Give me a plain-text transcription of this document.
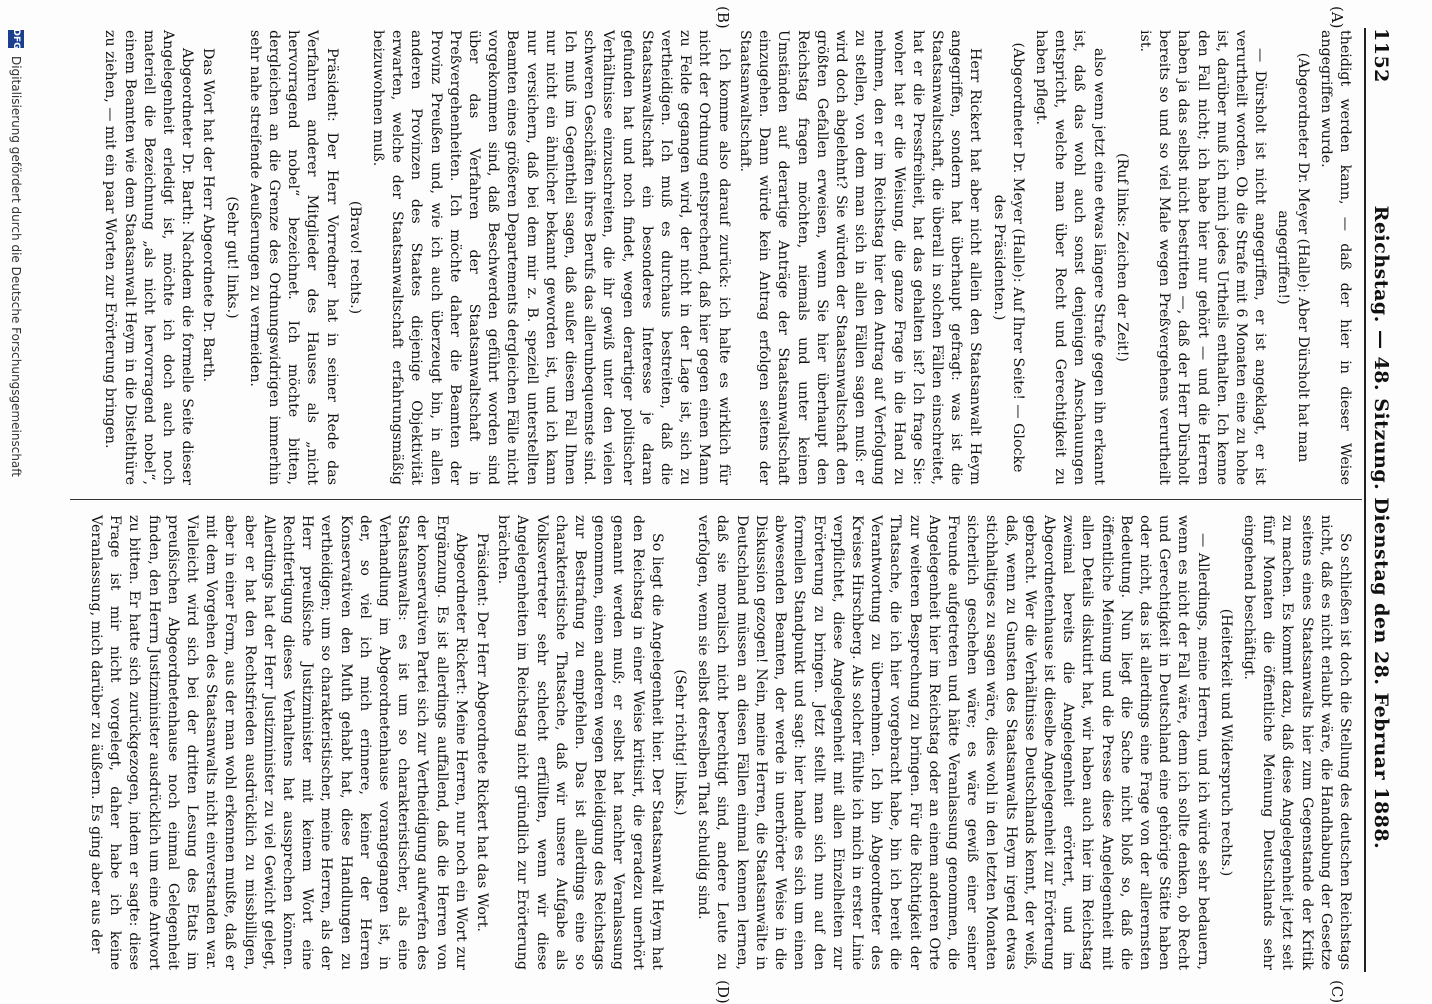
1152
Reichstag. — 48. Sitzung. Dienstag den 28. Februar 1888.
(A)
(B)
(C)
(D)

theidigt werden kann, — daß der hier in dieser Weise angegriffen wurde.

(Abgeordneter Dr. Meyer (Halle): Aber Dürsholt hat man angegriffen!)

— Dürsholt ist nicht angegriffen, er ist angeklagt, er ist verurtheilt worden. Ob die Strafe mit 6 Monaten eine zu hohe ist, darüber muß ich mich jedes Urtheils enthalten. Ich kenne den Fall nicht; ich habe hier nur gehört — und die Herren haben ja das selbst nicht bestritten —, daß der Herr Dürsholt bereits so und so viel Male wegen Preßvergehens verurtheilt ist.

(Ruf links: Zeichen der Zeit!)

also wenn jetzt eine etwas längere Strafe gegen ihn erkannt ist, daß das wohl auch sonst denjenigen Anschauungen entspricht, welche man über Recht und Gerechtigkeit zu haben pflegt.

(Abgeordneter Dr. Meyer (Halle): Auf Ihrer Seite! — Glocke des Präsidenten.)

Herr Rickert hat aber nicht allein den Staatsanwalt Heym angegriffen, sondern hat überhaupt gefragt: was ist die Staatsanwaltschaft, die überall in solchen Fällen einschreitet, hat er die Pressfreiheit, hat das gehalten ist? Ich frage Sie: woher hat er die Weisung, die ganze Frage in die Hand zu nehmen, den er im Reichstag hier den Antrag auf Verfolgung zu stellen, von dem man sich in allen Fällen sagen muß: er wird doch abgelehnt? Sie würden der Staatsanwaltschaft den größten Gefallen erweisen, wenn Sie hier überhaupt den Reichstag fragen möchten, niemals und unter keinen Umständen auf derartige Anträge der Staatsanwaltschaft einzugehen. Dann würde kein Antrag erfolgen seitens der Staatsanwaltschaft.

Ich komme also darauf zurück: ich halte es wirklich für nicht der Ordnung entsprechend, daß hier gegen einen Mann zu Felde gegangen wird, der nicht in der Lage ist, sich zu vertheidigen. Ich muß es durchaus bestreiten, daß die Staatsanwaltschaft ein besonderes Interesse je daran gefunden hat und noch findet, wegen derartiger politischer Verhältnisse einzuschreiten, die ihr gewiß unter den vielen schweren Geschäften ihres Berufs das allerunbequemste sind. Ich muß im Gegentheil sagen, daß außer diesem Fall Ihnen nur nicht ein ähnlicher bekannt geworden ist, und ich kann nur versichern, daß bei dem mir z. B. speziell unterstellten Beamten eines größeren Departements dergleichen Fälle nicht vorgekommen sind, daß Beschwerden geführt worden sind über das Verfahren der Staatsanwaltschaft in Preßvergehenheiten. Ich möchte daher die Beamten der Provinz Preußen und, wie ich auch überzeugt bin, in allen anderen Provinzen des Staates diejenige Objektivität erwarten, welche der Staatsanwaltschaft erfahrungsmäßig beizuwohnen muß.

(Bravo! rechts.)

Präsident: Der Herr Vorredner hat in seiner Rede das Verfahren anderer Mitglieder des Hauses als „nicht hervorragend nobel“ bezeichnet. Ich möchte bitten, dergleichen an die Grenze des Ordnungswidrigen immerhin sehr nahe streifende Aeußerungen zu vermeiden.

(Sehr gut! links.)

Das Wort hat der Herr Abgeordnete Dr. Barth.

Abgeordneter Dr. Barth: Nachdem die formelle Seite dieser Angelegenheit erledigt ist, möchte ich doch auch noch materiell die Bezeichnung „als nicht hervorragend nobel“, einem Beamten wie dem Staatsanwalt Heym in die Distelthüre zu ziehen, — mit ein paar Worten zur Erörterung bringen.

So schließen ist doch die Stellung des deutschen Reichstags nicht, daß es nicht erlaubt wäre, die Handhabung der Gesetze seitens eines Staatsanwalts hier zum Gegenstande der Kritik zu machen. Es kommt dazu, daß diese Angelegenheit jetzt seit fünf Monaten die öffentliche Meinung Deutschlands sehr eingehend beschäftigt.

(Heiterkeit und Widerspruch rechts.)

— Allerdings, meine Herren, und ich würde sehr bedauern, wenn es nicht der Fall wäre, denn ich sollte denken, ob Recht und Gerechtigkeit in Deutschland eine gehörige Stätte haben oder nicht, das ist allerdings eine Frage von der allerernsten Bedeutung. Nun liegt die Sache nicht bloß so, daß die öffentliche Meinung und die Presse diese Angelegenheit mit allen Details diskutirt hat, wir haben auch hier im Reichstag zweimal bereits die Angelegenheit erörtert, und im Abgeordnetenhause ist dieselbe Angelegenheit zur Erörterung gebracht. Wer die Verhältnisse Deutschlands kennt, der weiß, daß, wenn zu Gunsten des Staatsanwalts Heym irgend etwas stichhaltiges zu sagen wäre, dies wohl in den letzten Monaten sicherlich geschehen wäre; es wäre gewiß einer seiner Freunde aufgetreten und hätte Veranlassung genommen, die Angelegenheit hier im Reichstag oder an einem anderen Orte zur weiteren Besprechung zu bringen. Für die Richtigkeit der Thatsache, die ich hier vorgebracht habe, bin ich bereit die Verantwortung zu übernehmen. Ich bin Abgeordneter des Kreises Hirschberg. Als solcher fühlte ich mich in erster Linie verpflichtet, diese Angelegenheit mit allen Einzelheiten zur Erörterung zu bringen. Jetzt stellt man sich nun auf den formellen Standpunkt und sagt: hier handle es sich um einen abwesenden Beamten, der werde in unerhörter Weise in die Diskussion gezogen! Nein, meine Herren, die Staatsanwälte in Deutschland müssen an diesen Fällen einmal kennen lernen, daß sie moralisch nicht berechtigt sind, andere Leute zu verfolgen, wenn sie selbst derselben That schuldig sind.

(Sehr richtig! links.)

So liegt die Angelegenheit hier. Der Staatsanwalt Heym hat den Reichstag in einer Weise kritisirt, die geradezu unerhört genannt werden muß; er selbst hat nachher Veranlassung genommen, einen anderen wegen Beleidigung des Reichstags zur Bestrafung zu empfehlen. Das ist allerdings eine so charakteristische Thatsache, daß wir unsere Aufgabe als Volksvertreter sehr schlecht erfüllten, wenn wir diese Angelegenheiten im Reichstag nicht gründlich zur Erörterung brächten.

Präsident: Der Herr Abgeordnete Rickert hat das Wort.

Abgeordneter Rickert: Meine Herren, nur noch ein Wort zur Ergänzung. Es ist allerdings auffallend, daß die Herren von der konservativen Partei sich zur Vertheidigung aufwerfen des Staatsanwalts: es ist um so charakteristischer, als eine Verhandlung im Abgeordnetenhause vorangegangen ist, in der, so viel ich mich erinnere, keiner der Herren Konservativen den Muth gehabt hat, diese Handlungen zu vertheidigen; um so charakteristischer, meine Herren, als der Herr preußische Justizminister mit keinem Wort eine Rechtfertigung dieses Verhaltens hat aussprechen können. Allerdings hat der Herr Justizminister zu viel Gewicht gelegt, aber er hat den Rechtsfrieden ausdrücklich zu missbilligen, aber in einer Form, aus der man wohl erkennen mußte, daß er mit dem Vorgehen des Staatsanwalts nicht einverstanden war. Vielleicht wird sich bei der dritten Lesung des Etats im preußischen Abgeordnetenhause noch einmal Gelegenheit finden, den Herrn Justizminister ausdrücklich um eine Antwort zu bitten. Er hatte sich zurückgezogen, indem er sagte: diese Frage ist mir nicht vorgelegt, daher habe ich keine Veranlassung, mich darüber zu äußern. Es ging aber aus der

DFG
Digitalisierung gefördert durch die Deutsche Forschungsgemeinschaft
